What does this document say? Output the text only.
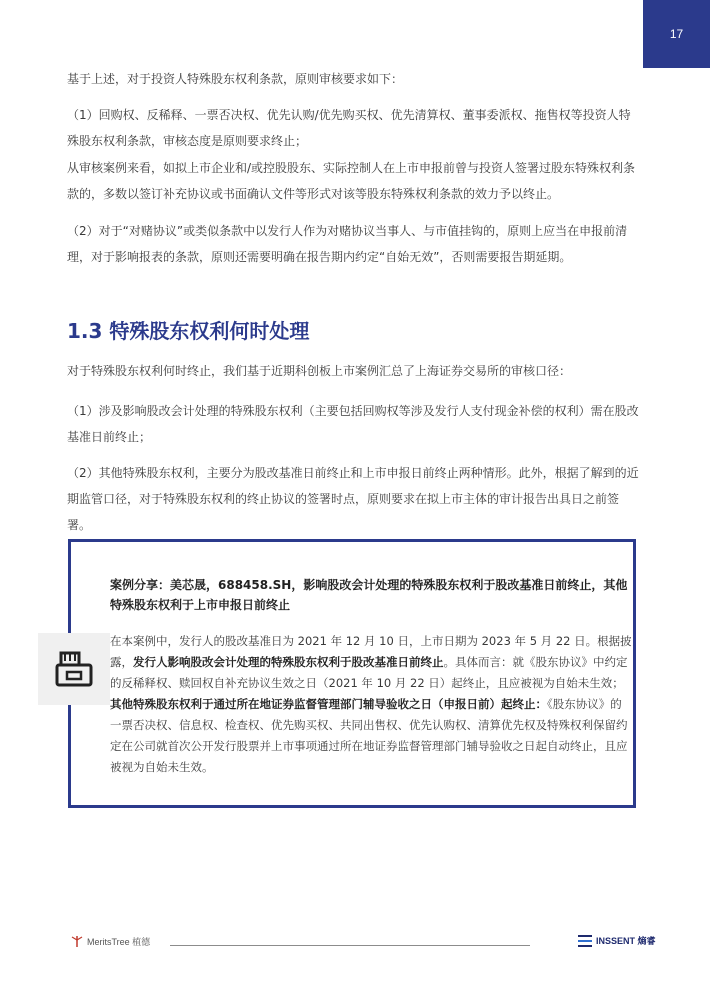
17

基于上述，对于投资人特殊股东权利条款，原则审核要求如下：

（1）回购权、反稀释、一票否决权、优先认购/优先购买权、优先清算权、董事委派权、拖售权等投资人特殊股东权利条款，审核态度是原则要求终止；

从审核案例来看，如拟上市企业和/或控股股东、实际控制人在上市申报前曾与投资人签署过股东特殊权利条款的，多数以签订补充协议或书面确认文件等形式对该等股东特殊权利条款的效力予以终止。

（2）对于“对赌协议”或类似条款中以发行人作为对赌协议当事人、与市值挂钩的，原则上应当在申报前清理，对于影响报表的条款，原则还需要明确在报告期内约定“自始无效”，否则需要报告期延期。

1.3 特殊股东权利何时处理

对于特殊股东权利何时终止，我们基于近期科创板上市案例汇总了上海证券交易所的审核口径：

（1）涉及影响股改会计处理的特殊股东权利（主要包括回购权等涉及发行人支付现金补偿的权利）需在股改基准日前终止；

（2）其他特殊股东权利，主要分为股改基准日前终止和上市申报日前终止两种情形。此外，根据了解到的近期监管口径，对于特殊股东权利的终止协议的签署时点，原则要求在拟上市主体的审计报告出具日之前签署。

案例分享：美芯晟，688458.SH，影响股改会计处理的特殊股东权利于股改基准日前终止，其他特殊股东权利于上市申报日前终止

在本案例中，发行人的股改基准日为 2021 年 12 月 10 日，上市日期为 2023 年 5 月 22 日。根据披露，发行人影响股改会计处理的特殊股东权利于股改基准日前终止。具体而言：就《股东协议》中约定的反稀释权、赎回权自补充协议生效之日（2021 年 10 月 22 日）起终止，且应被视为自始未生效；其他特殊股东权利于通过所在地证券监督管理部门辅导验收之日（申报日前）起终止：《股东协议》的一票否决权、信息权、检查权、优先购买权、共同出售权、优先认购权、清算优先权及特殊权利保留约定在公司就首次公开发行股票并上市事项通过所在地证券监督管理部门辅导验收之日起自动终止，且应被视为自始未生效。

MeritsTree 植德	INSSENT 熵睿
